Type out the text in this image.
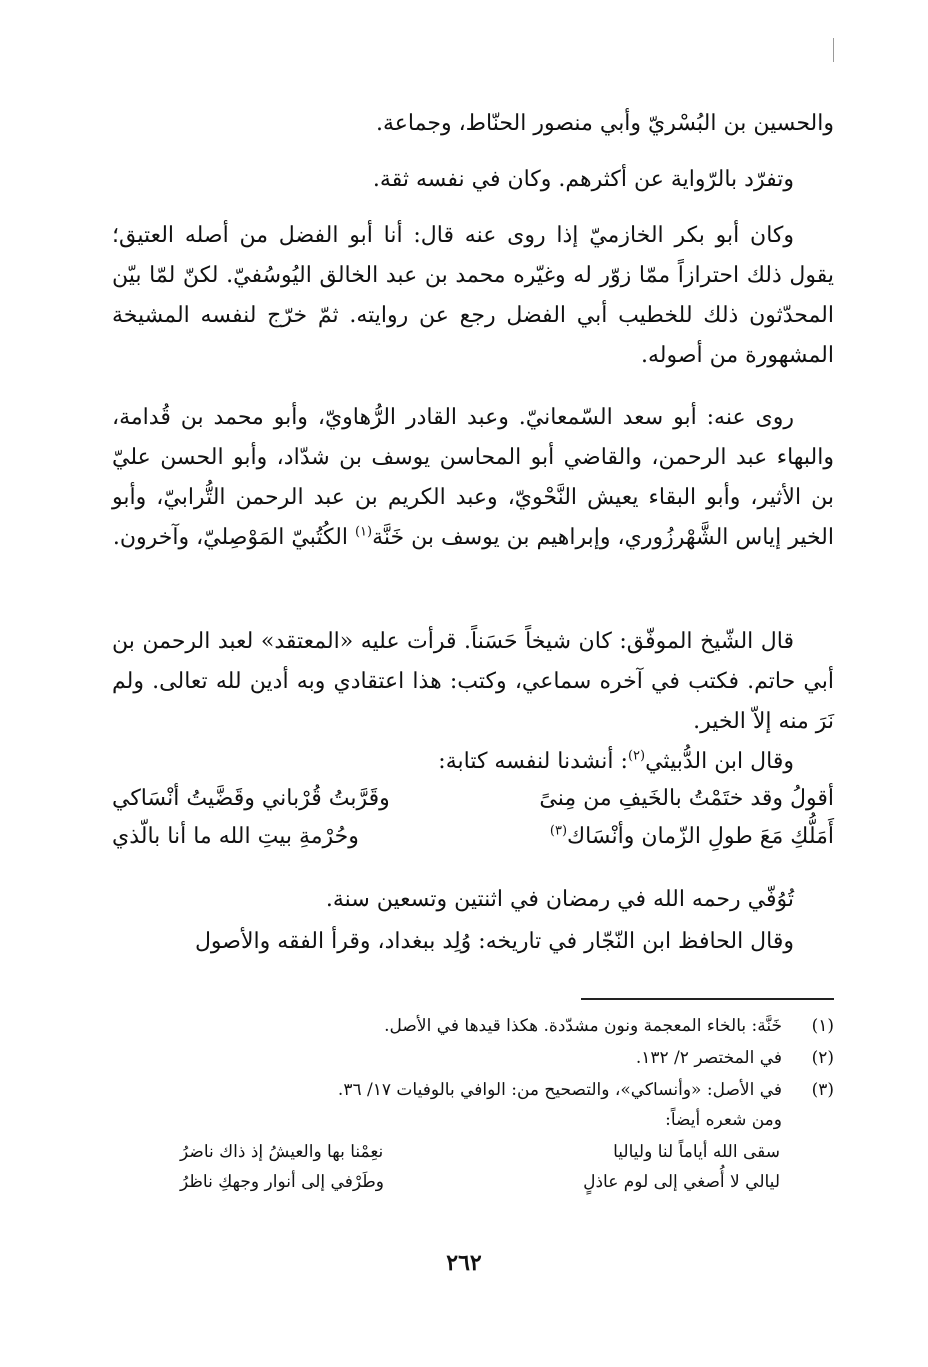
والحسين بن البُسْريّ وأبي منصور الحنّاط، وجماعة.

وتفرّد بالرّواية عن أكثرهم. وكان في نفسه ثقة.

وكان أبو بكر الخازميّ إذا روى عنه قال: أنا أبو الفضل من أصله العتيق؛ يقول ذلك احترازاً ممّا زوّر له وغيّره محمد بن عبد الخالق اليُوسُفيّ. لكنّ لمّا بيّن المحدّثون ذلك للخطيب أبي الفضل رجع عن روايته. ثمّ خرّج لنفسه المشيخة المشهورة من أصوله.

روى عنه: أبو سعد السّمعانيّ. وعبد القادر الرُّهاويّ، وأبو محمد بن قُدامة، والبهاء عبد الرحمن، والقاضي أبو المحاسن يوسف بن شدّاد، وأبو الحسن عليّ بن الأثير، وأبو البقاء يعيش النَّحْويّ، وعبد الكريم بن عبد الرحمن التُّرابيّ، وأبو الخير إياس الشَّهْرزُوري، وإبراهيم بن يوسف بن خَنَّة$^{(١)}$ الكُتُبيّ المَوْصِليّ، وآخرون.

قال الشّيخ الموفّق: كان شيخاً حَسَناً. قرأت عليه «المعتقد» لعبد الرحمن بن أبي حاتم. فكتب في آخره سماعي، وكتب: هذا اعتقادي وبه أدين لله تعالى. ولم نَرَ منه إلاّ الخير.

وقال ابن الدُّبيثي$^{(٢)}$: أنشدنا لنفسه كتابة:

أقولُ وقد ختَمْتُ بالخَيفِ من مِنىً
وقَرَّبتُ قُرْباني وقَضَّيتُ أنْسَاكي
أَمَلُّكِ مَعَ طولِ الزّمان وأنْسَاك$^{(٣)}$
وحُرْمةِ بيتِ الله ما أنا بالّذي

تُوُفّي رحمه الله في رمضان في اثنتين وتسعين سنة.

وقال الحافظ ابن النّجّار في تاريخه: وُلِد ببغداد، وقرأ الفقه والأصول

(١)
خَنَّة: بالخاء المعجمة ونون مشدّدة. هكذا قيدها في الأصل.
(٢)
في المختصر ٢/ ١٣٢.
(٣)
في الأصل: «وأنساكي»، والتصحيح من: الوافي بالوفيات ١٧/ ٣٦.
ومن شعره أيضاً:
سقى الله أياماً لنا ولياليا
نعِمْنا بها والعيشُ إذ ذاك ناضرُ
ليالي لا أُصغي إلى لوم عاذلٍ
وطَرْفي إلى أنوار وجهكِ ناظرُ
٢٦٢
